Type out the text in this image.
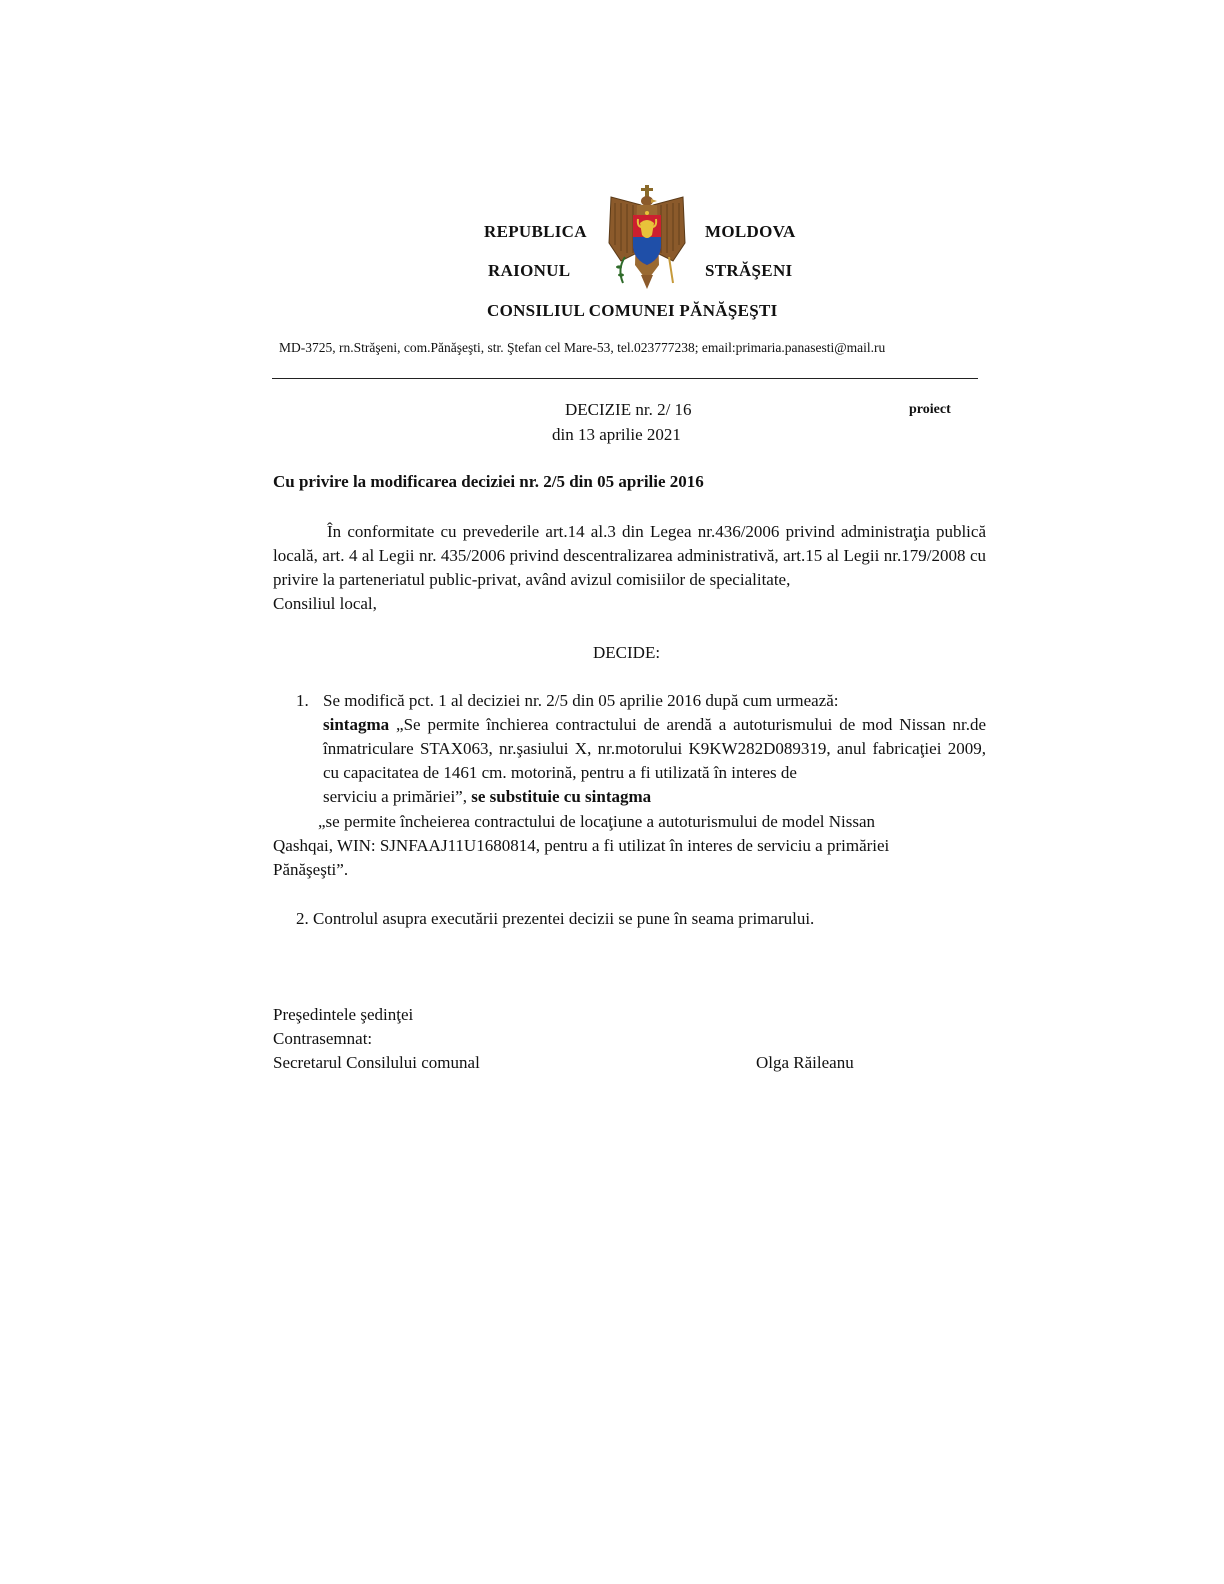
REPUBLICA	MOLDOVA
RAIONUL	STRĂŞENI
CONSILIUL COMUNEI PĂNĂŞEŞTI
MD-3725, rn.Străşeni, com.Pănăşeşti, str. Ştefan cel Mare-53, tel.023777238; email:primaria.panasesti@mail.ru
DECIZIE nr. 2/ 16	proiect
din 13 aprilie 2021
Cu privire la modificarea deciziei nr. 2/5 din 05 aprilie 2016
În conformitate cu prevederile art.14 al.3 din Legea nr.436/2006 privind administraţia publică locală, art. 4 al Legii nr. 435/2006 privind descentralizarea administrativă, art.15 al Legii nr.179/2008 cu privire la parteneriatul public-privat, având avizul comisiilor de specialitate,
Consiliul local,
DECIDE:
1. Se modifică pct. 1 al deciziei nr. 2/5 din 05 aprilie 2016 după cum urmează:
sintagma „Se permite închierea contractului de arendă a autoturismului de mod Nissan nr.de înmatriculare STAX063, nr.şasiului X, nr.motorului K9KW282D089319, anul fabricaţiei 2009, cu capacitatea de 1461 cm. motorină, pentru a fi utilizată în interes de
serviciu a primăriei”, se substituie cu sintagma
„se permite încheierea contractului de locaţiune a autoturismului de model Nissan
Qashqai, WIN: SJNFAAJ11U1680814, pentru a fi utilizat în interes de serviciu a primăriei
Pănăşeşti”.
2. Controlul asupra executării prezentei decizii se pune în seama primarului.
Preşedintele şedinţei
Contrasemnat:
Secretarul Consilului comunal	Olga Răileanu
